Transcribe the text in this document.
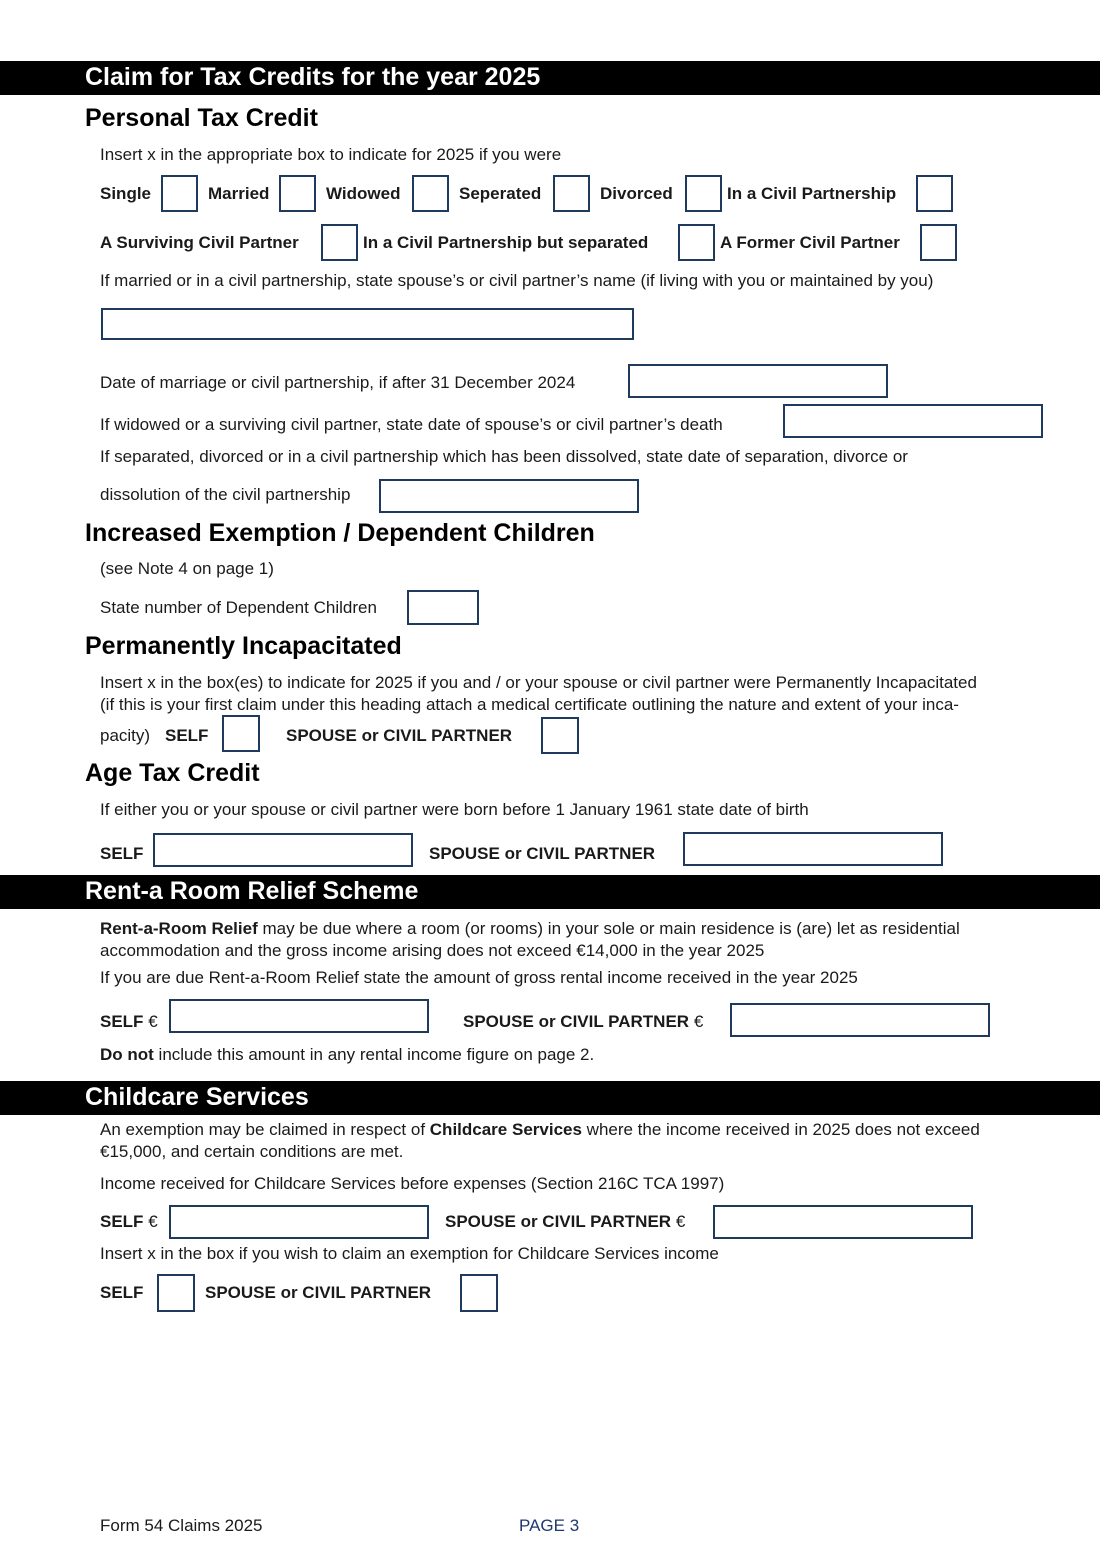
Claim for Tax Credits for the year 2025
Personal Tax Credit
Insert x in the appropriate box to indicate for 2025 if you were
Single	Married	Widowed	Seperated	Divorced	In a Civil Partnership
A Surviving Civil Partner	In a Civil Partnership but separated	A Former Civil Partner
If married or in a civil partnership, state spouse’s or civil partner’s name (if living with you or maintained by you)
Date of marriage or civil partnership, if after 31 December 2024
If widowed or a surviving civil partner, state date of spouse’s or civil partner’s death
If separated, divorced or in a civil partnership which has been dissolved, state date of separation, divorce or
dissolution of the civil partnership
Increased Exemption / Dependent Children
(see Note 4 on page 1)
State number of Dependent Children
Permanently Incapacitated
Insert x in the box(es) to indicate for 2025 if you and / or your spouse or civil partner were Permanently Incapacitated
(if this is your first claim under this heading attach a medical certificate outlining the nature and extent of your inca-
pacity) SELF	SPOUSE or CIVIL PARTNER
Age Tax Credit
If either you or your spouse or civil partner were born before 1 January 1961 state date of birth
SELF	SPOUSE or CIVIL PARTNER
Rent-a Room Relief Scheme
Rent-a-Room Relief may be due where a room (or rooms) in your sole or main residence is (are) let as residential accommodation and the gross income arising does not exceed €14,000 in the year 2025
If you are due Rent-a-Room Relief state the amount of gross rental income received in the year 2025
SELF €	SPOUSE or CIVIL PARTNER €
Do not include this amount in any rental income figure on page 2.
Childcare Services
An exemption may be claimed in respect of Childcare Services where the income received in 2025 does not exceed €15,000, and certain conditions are met.
Income received for Childcare Services before expenses (Section 216C TCA 1997)
SELF €	SPOUSE or CIVIL PARTNER €
Insert x in the box if you wish to claim an exemption for Childcare Services income
SELF	SPOUSE or CIVIL PARTNER
Form 54 Claims 2025	PAGE 3
